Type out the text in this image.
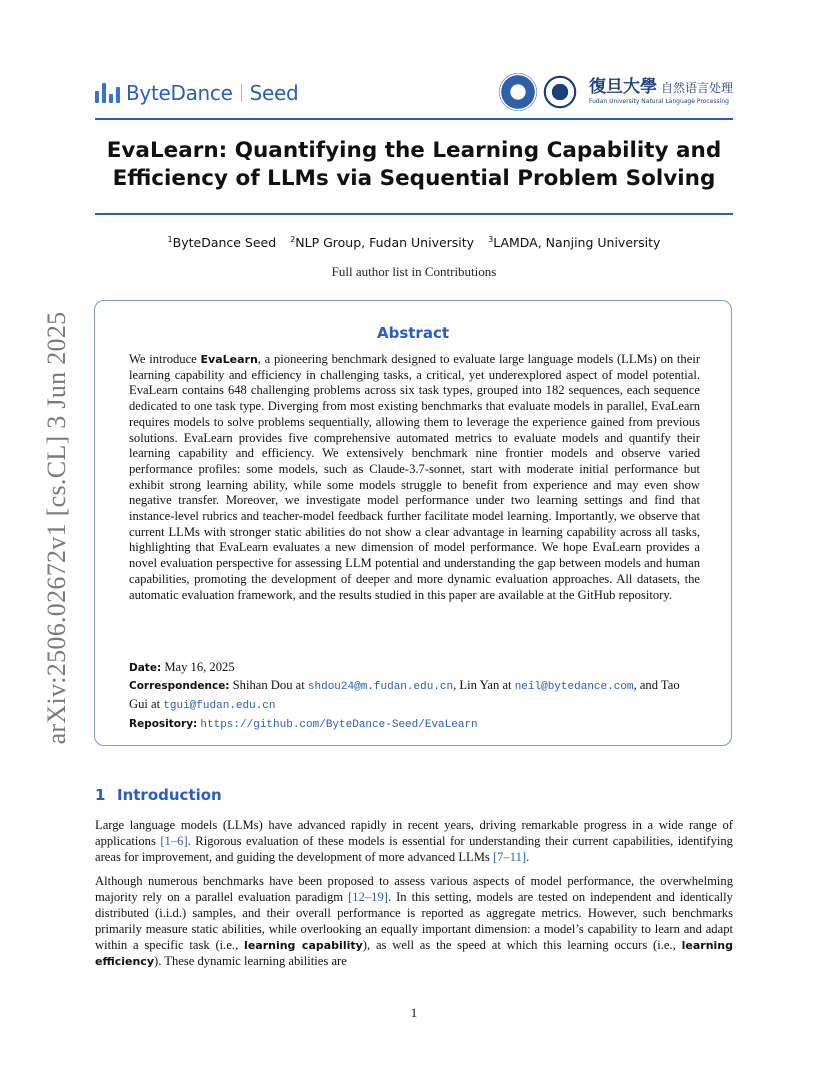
arXiv:2506.02672v1 [cs.CL] 3 Jun 2025
ByteDance Seed	復旦大學 自然语言处理
Fudan University Natural Language Processing
EvaLearn: Quantifying the Learning Capability and
Efficiency of LLMs via Sequential Problem Solving
$^1$ByteDance Seed $^2$NLP Group, Fudan University $^3$LAMDA, Nanjing University
Full author list in Contributions
Abstract
We introduce EvaLearn, a pioneering benchmark designed to evaluate large language models (LLMs) on their learning capability and efficiency in challenging tasks, a critical, yet underexplored aspect of model potential. EvaLearn contains 648 challenging problems across six task types, grouped into 182 sequences, each sequence dedicated to one task type. Diverging from most existing benchmarks that evaluate models in parallel, EvaLearn requires models to solve problems sequentially, allowing them to leverage the experience gained from previous solutions. EvaLearn provides five comprehensive automated metrics to evaluate models and quantify their learning capability and efficiency. We extensively benchmark nine frontier models and observe varied performance profiles: some models, such as Claude-3.7-sonnet, start with moderate initial performance but exhibit strong learning ability, while some models struggle to benefit from experience and may even show negative transfer. Moreover, we investigate model performance under two learning settings and find that instance-level rubrics and teacher-model feedback further facilitate model learning. Importantly, we observe that current LLMs with stronger static abilities do not show a clear advantage in learning capability across all tasks, highlighting that EvaLearn evaluates a new dimension of model performance. We hope EvaLearn provides a novel evaluation perspective for assessing LLM potential and understanding the gap between models and human capabilities, promoting the development of deeper and more dynamic evaluation approaches. All datasets, the automatic evaluation framework, and the results studied in this paper are available at the GitHub repository.
Date: May 16, 2025
Correspondence: Shihan Dou at shdou24@m.fudan.edu.cn, Lin Yan at neil@bytedance.com, and Tao Gui at tgui@fudan.edu.cn
Repository: https://github.com/ByteDance-Seed/EvaLearn
1 Introduction
Large language models (LLMs) have advanced rapidly in recent years, driving remarkable progress in a wide range of applications [1–6]. Rigorous evaluation of these models is essential for understanding their current capabilities, identifying areas for improvement, and guiding the development of more advanced LLMs [7–11].
Although numerous benchmarks have been proposed to assess various aspects of model performance, the overwhelming majority rely on a parallel evaluation paradigm [12–19]. In this setting, models are tested on independent and identically distributed (i.i.d.) samples, and their overall performance is reported as aggregate metrics. However, such benchmarks primarily measure static abilities, while overlooking an equally important dimension: a model’s capability to learn and adapt within a specific task (i.e., learning capability), as well as the speed at which this learning occurs (i.e., learning efficiency). These dynamic learning abilities are
1
